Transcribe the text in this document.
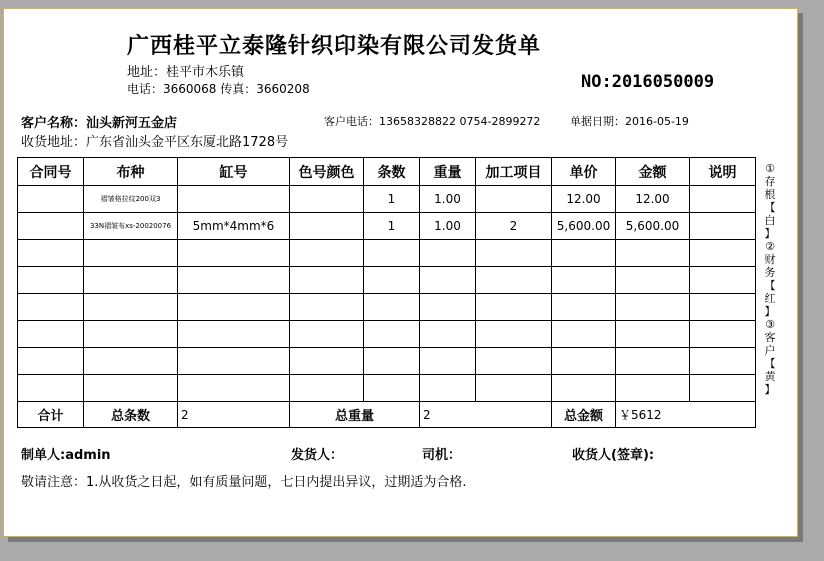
广西桂平立泰隆针织印染有限公司发货单
地址：桂平市木乐镇
电话：3660068 传真：3660208	NO:2016050009
客户名称：汕头新河五金店	客户电话：13658328822 0754-2899272	单据日期：2016-05-19
收货地址：广东省汕头金平区东厦北路1728号
合同号	布种	缸号	色号颜色	条数	重量	加工项目	单价	金额	说明
	褶皱格拉纹200双3			1	1.00		12.00	12.00	
	33N褶皱布xs-20020076	5mm*4mm*6		1	1.00	2	5,600.00	5,600.00	

合计	总条数	2	总重量		2		总金额	￥5612	
①
存
根
【
白
】
②
财
务
【
红
】
③
客
户
【
黄
】
制单人:admin	发货人：	司机：	收货人(签章):
敬请注意：1.从收货之日起，如有质量问题，七日内提出异议，过期适为合格.
